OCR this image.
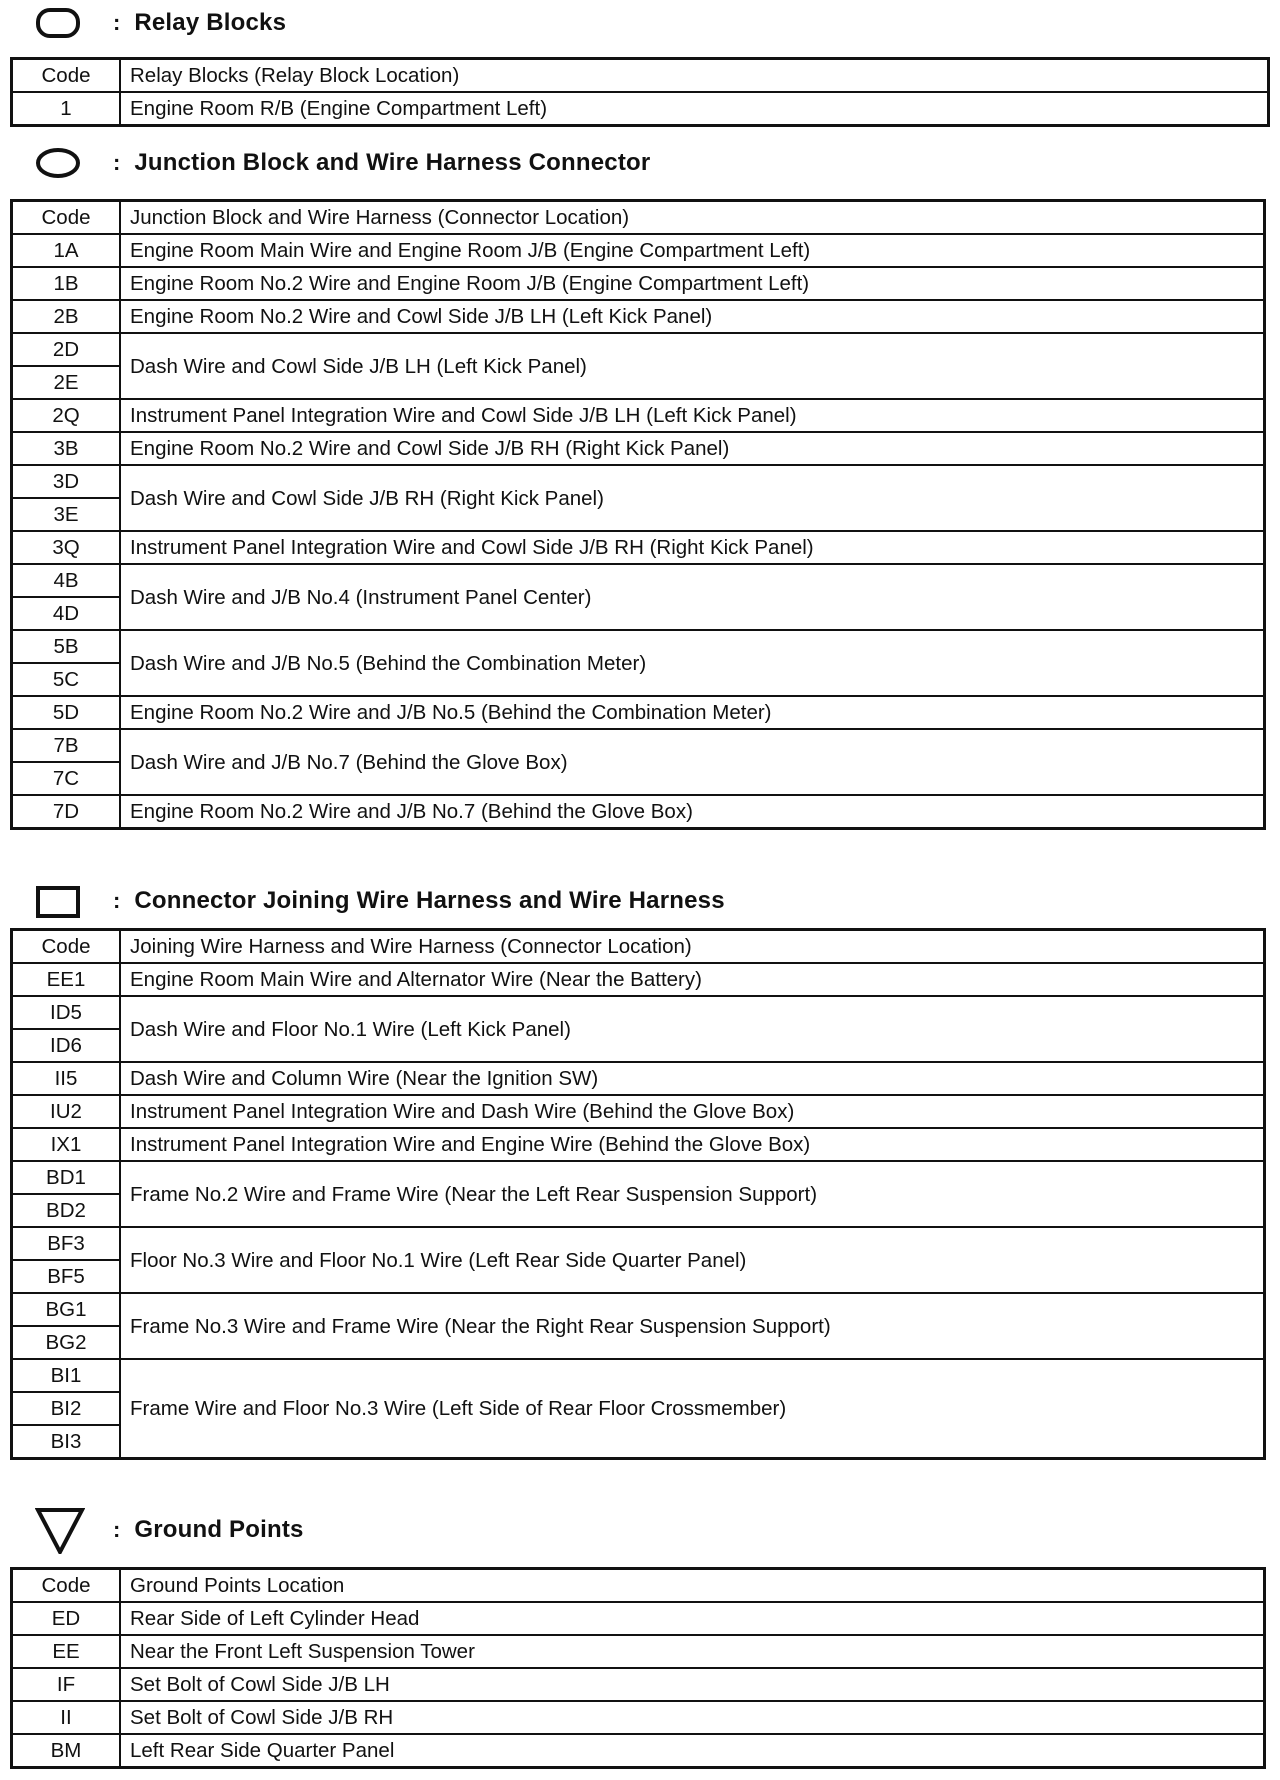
: Relay Blocks
Code	Relay Blocks (Relay Block Location)
1	Engine Room R/B (Engine Compartment Left)
: Junction Block and Wire Harness Connector
Code	Junction Block and Wire Harness (Connector Location)
1A	Engine Room Main Wire and Engine Room J/B (Engine Compartment Left)
1B	Engine Room No.2 Wire and Engine Room J/B (Engine Compartment Left)
2B	Engine Room No.2 Wire and Cowl Side J/B LH (Left Kick Panel)
2D	Dash Wire and Cowl Side J/B LH (Left Kick Panel)
2E	
2Q	Instrument Panel Integration Wire and Cowl Side J/B LH (Left Kick Panel)
3B	Engine Room No.2 Wire and Cowl Side J/B RH (Right Kick Panel)
3D	Dash Wire and Cowl Side J/B RH (Right Kick Panel)
3E	
3Q	Instrument Panel Integration Wire and Cowl Side J/B RH (Right Kick Panel)
4B	Dash Wire and J/B No.4 (Instrument Panel Center)
4D	
5B	Dash Wire and J/B No.5 (Behind the Combination Meter)
5C	
5D	Engine Room No.2 Wire and J/B No.5 (Behind the Combination Meter)
7B	Dash Wire and J/B No.7 (Behind the Glove Box)
7C	
7D	Engine Room No.2 Wire and J/B No.7 (Behind the Glove Box)
: Connector Joining Wire Harness and Wire Harness
Code	Joining Wire Harness and Wire Harness (Connector Location)
EE1	Engine Room Main Wire and Alternator Wire (Near the Battery)
ID5	Dash Wire and Floor No.1 Wire (Left Kick Panel)
ID6	
II5	Dash Wire and Column Wire (Near the Ignition SW)
IU2	Instrument Panel Integration Wire and Dash Wire (Behind the Glove Box)
IX1	Instrument Panel Integration Wire and Engine Wire (Behind the Glove Box)
BD1	Frame No.2 Wire and Frame Wire (Near the Left Rear Suspension Support)
BD2	
BF3	Floor No.3 Wire and Floor No.1 Wire (Left Rear Side Quarter Panel)
BF5	
BG1	Frame No.3 Wire and Frame Wire (Near the Right Rear Suspension Support)
BG2	
BI1	Frame Wire and Floor No.3 Wire (Left Side of Rear Floor Crossmember)
BI2	
BI3	
: Ground Points
Code	Ground Points Location
ED	Rear Side of Left Cylinder Head
EE	Near the Front Left Suspension Tower
IF	Set Bolt of Cowl Side J/B LH
II	Set Bolt of Cowl Side J/B RH
BM	Left Rear Side Quarter Panel
